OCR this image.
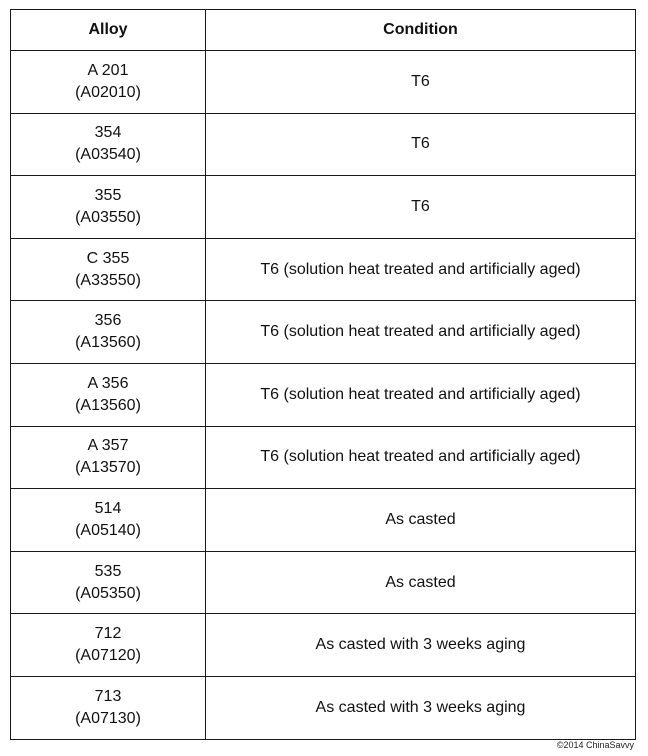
Alloy	Condition

A 201
(A02010)	T6

354
(A03540)	T6

355
(A03550)	T6

C 355
(A33550)	T6 (solution heat treated and artificially aged)

356
(A13560)	T6 (solution heat treated and artificially aged)

A 356
(A13560)	T6 (solution heat treated and artificially aged)

A 357
(A13570)	T6 (solution heat treated and artificially aged)

514
(A05140)	As casted

535
(A05350)	As casted

712
(A07120)	As casted with 3 weeks aging

713
(A07130)	As casted with 3 weeks aging
©2014 ChinaSavvy
